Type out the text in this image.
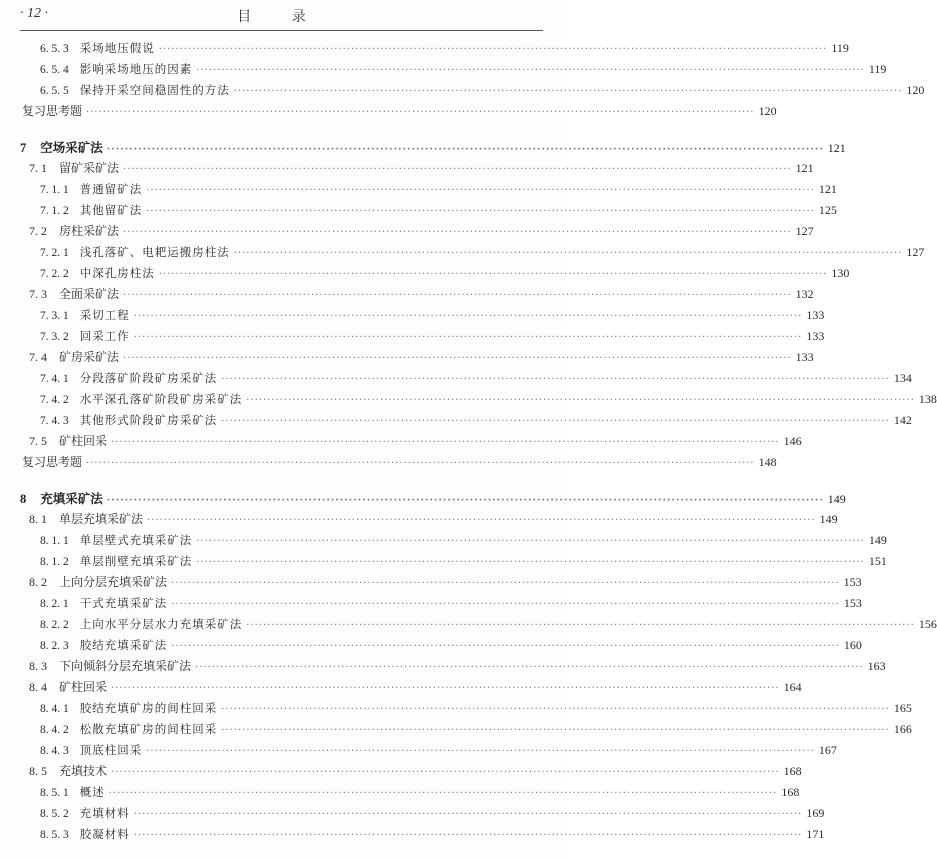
· 12 ·	目 录
6. 5. 3 采场地压假说 ································································································································································ 119
6. 5. 4 影响采场地压的因素 ································································································································································ 119
6. 5. 5 保持开采空间稳固性的方法 ································································································································································ 120
复习思考题 ································································································································································ 120
7 空场采矿法 ································································································································································ 121
7. 1 留矿采矿法 ································································································································································ 121
7. 1. 1 普通留矿法 ································································································································································ 121
7. 1. 2 其他留矿法 ································································································································································ 125
7. 2 房柱采矿法 ································································································································································ 127
7. 2. 1 浅孔落矿、电耙运搬房柱法 ································································································································································ 127
7. 2. 2 中深孔房柱法 ································································································································································ 130
7. 3 全面采矿法 ································································································································································ 132
7. 3. 1 采切工程 ································································································································································ 133
7. 3. 2 回采工作 ································································································································································ 133
7. 4 矿房采矿法 ································································································································································ 133
7. 4. 1 分段落矿阶段矿房采矿法 ································································································································································ 134
7. 4. 2 水平深孔落矿阶段矿房采矿法 ································································································································································ 138
7. 4. 3 其他形式阶段矿房采矿法 ································································································································································ 142
7. 5 矿柱回采 ································································································································································ 146
复习思考题 ································································································································································ 148
8 充填采矿法 ································································································································································ 149
8. 1 单层充填采矿法 ································································································································································ 149
8. 1. 1 单层壁式充填采矿法 ································································································································································ 149
8. 1. 2 单层削壁充填采矿法 ································································································································································ 151
8. 2 上向分层充填采矿法 ································································································································································ 153
8. 2. 1 干式充填采矿法 ································································································································································ 153
8. 2. 2 上向水平分层水力充填采矿法 ································································································································································ 156
8. 2. 3 胶结充填采矿法 ································································································································································ 160
8. 3 下向倾斜分层充填采矿法 ································································································································································ 163
8. 4 矿柱回采 ································································································································································ 164
8. 4. 1 胶结充填矿房的间柱回采 ································································································································································ 165
8. 4. 2 松散充填矿房的间柱回采 ································································································································································ 166
8. 4. 3 顶底柱回采 ································································································································································ 167
8. 5 充填技术 ································································································································································ 168
8. 5. 1 概述 ································································································································································ 168
8. 5. 2 充填材料 ································································································································································ 169
8. 5. 3 胶凝材料 ································································································································································ 171
